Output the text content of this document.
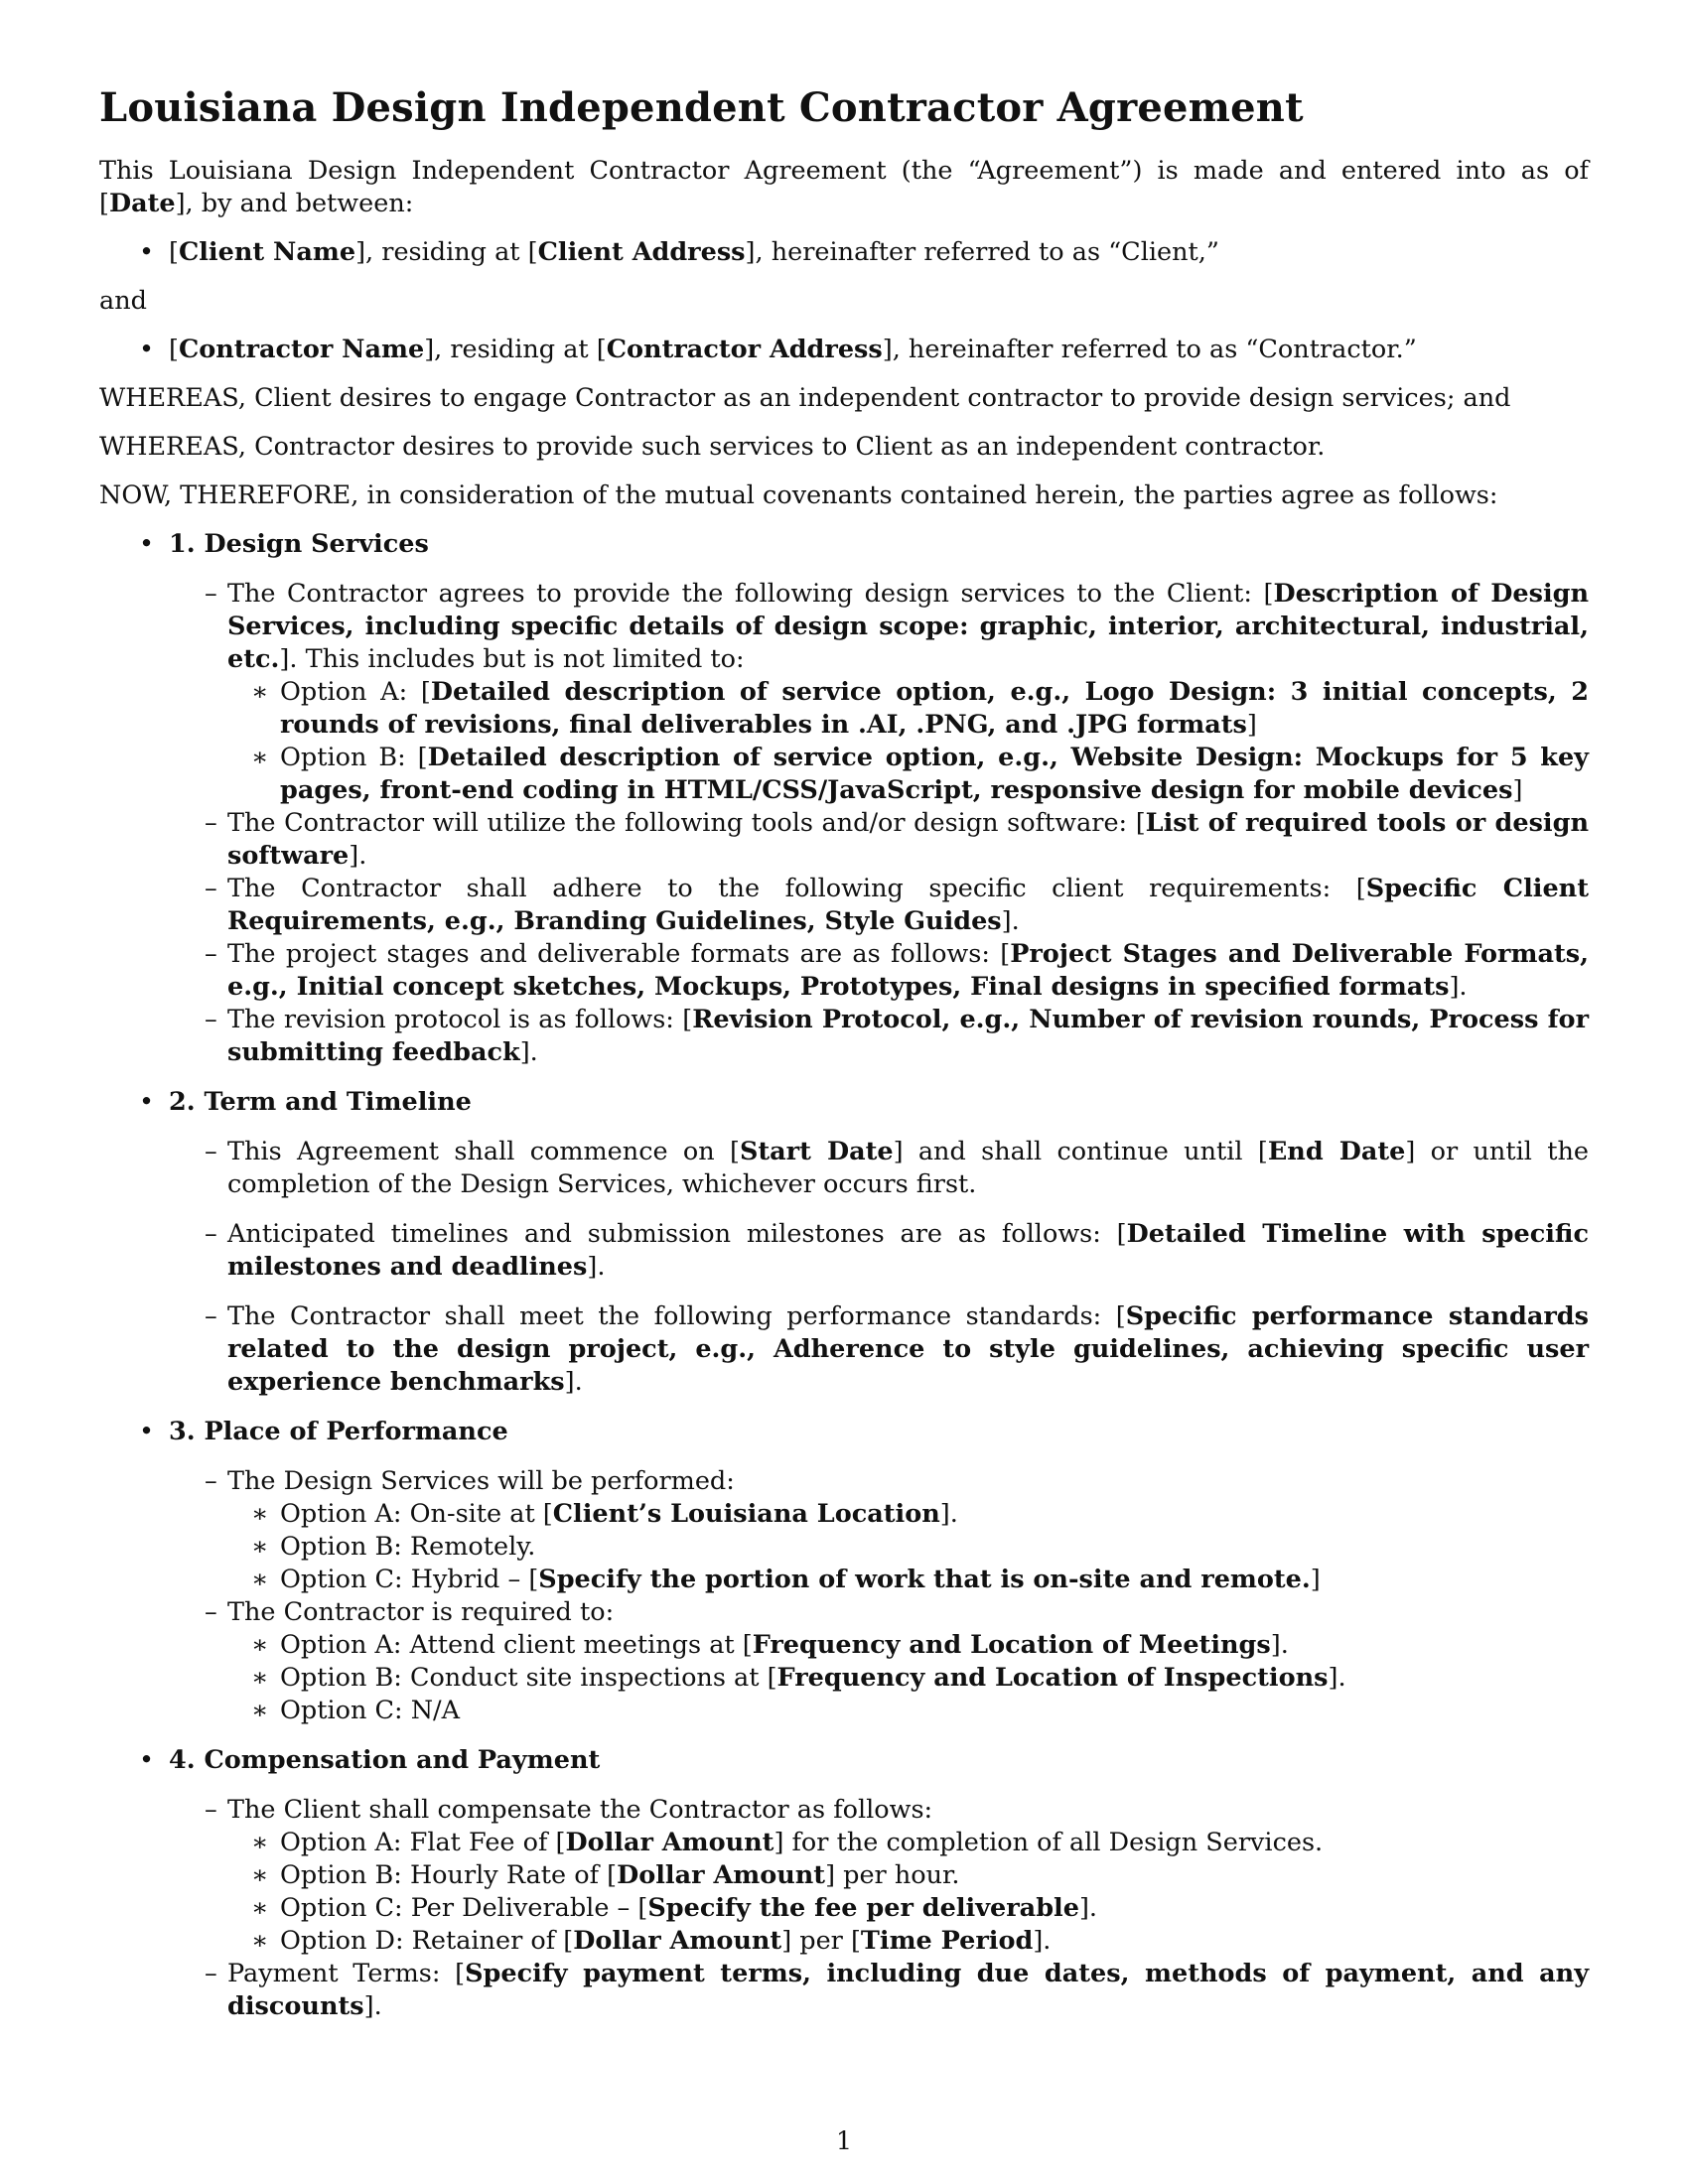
Louisiana Design Independent Contractor Agreement

This Louisiana Design Independent Contractor Agreement (the “Agreement”) is made and entered into as of [Date], by and between:

• [Client Name], residing at [Client Address], hereinafter referred to as “Client,”

and

• [Contractor Name], residing at [Contractor Address], hereinafter referred to as “Contractor.”

WHEREAS, Client desires to engage Contractor as an independent contractor to provide design services; and

WHEREAS, Contractor desires to provide such services to Client as an independent contractor.

NOW, THEREFORE, in consideration of the mutual covenants contained herein, the parties agree as follows:

• 1. Design Services
– The Contractor agrees to provide the following design services to the Client: [Description of Design Services, including specific details of design scope: graphic, interior, architectural, industrial, etc.]. This includes but is not limited to:
∗ Option A: [Detailed description of service option, e.g., Logo Design: 3 initial concepts, 2 rounds of revisions, final deliverables in .AI, .PNG, and .JPG formats]
∗ Option B: [Detailed description of service option, e.g., Website Design: Mockups for 5 key pages, front-end coding in HTML/CSS/JavaScript, responsive design for mobile devices]
– The Contractor will utilize the following tools and/or design software: [List of required tools or design software].
– The Contractor shall adhere to the following specific client requirements: [Specific Client Requirements, e.g., Branding Guidelines, Style Guides].
– The project stages and deliverable formats are as follows: [Project Stages and Deliverable Formats, e.g., Initial concept sketches, Mockups, Prototypes, Final designs in specified formats].
– The revision protocol is as follows: [Revision Protocol, e.g., Number of revision rounds, Process for submitting feedback].
• 2. Term and Timeline
– This Agreement shall commence on [Start Date] and shall continue until [End Date] or until the completion of the Design Services, whichever occurs first.
– Anticipated timelines and submission milestones are as follows: [Detailed Timeline with specific milestones and deadlines].
– The Contractor shall meet the following performance standards: [Specific performance standards related to the design project, e.g., Adherence to style guidelines, achieving specific user experience benchmarks].
• 3. Place of Performance
– The Design Services will be performed:
∗ Option A: On-site at [Client’s Louisiana Location].
∗ Option B: Remotely.
∗ Option C: Hybrid – [Specify the portion of work that is on-site and remote.]
– The Contractor is required to:
∗ Option A: Attend client meetings at [Frequency and Location of Meetings].
∗ Option B: Conduct site inspections at [Frequency and Location of Inspections].
∗ Option C: N/A
• 4. Compensation and Payment
– The Client shall compensate the Contractor as follows:
∗ Option A: Flat Fee of [Dollar Amount] for the completion of all Design Services.
∗ Option B: Hourly Rate of [Dollar Amount] per hour.
∗ Option C: Per Deliverable – [Specify the fee per deliverable].
∗ Option D: Retainer of [Dollar Amount] per [Time Period].
– Payment Terms: [Specify payment terms, including due dates, methods of payment, and any discounts].
1
